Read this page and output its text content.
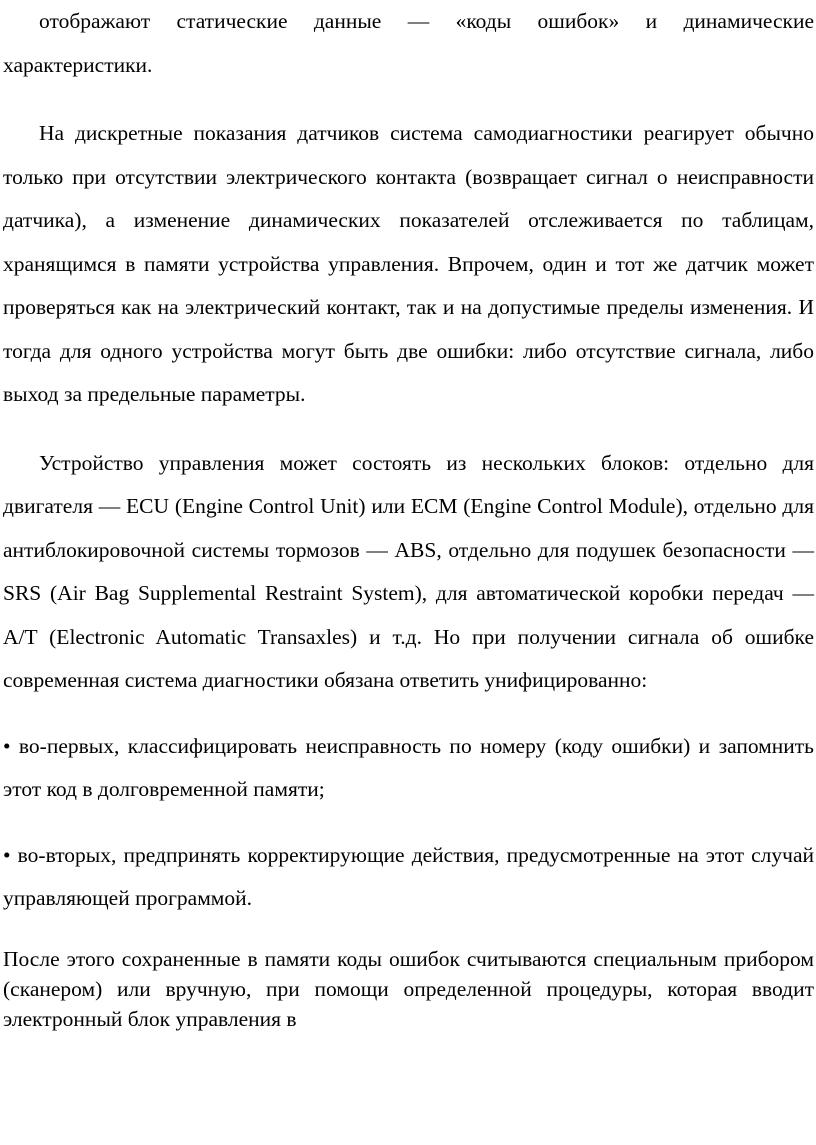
отображают статические данные — «коды ошибок» и динамические характеристики.

На дискретные показания датчиков система самодиагностики реагирует обычно только при отсутствии электрического контакта (возвращает сигнал о неисправности датчика), а изменение динамических показателей отслеживается по таблицам, хранящимся в памяти устройства управления. Впрочем, один и тот же датчик может проверяться как на электрический контакт, так и на допустимые пределы изменения. И тогда для одного устройства могут быть две ошибки: либо отсутствие сигнала, либо выход за предельные параметры.

Устройство управления может состоять из нескольких блоков: отдельно для двигателя — ECU (Engine Control Unit) или ECM (Engine Control Module), отдельно для антиблокировочной системы тормозов — ABS, отдельно для подушек безопасности — SRS (Air Bag Supplemental Restraint System), для автоматической коробки передач — A/T (Electronic Automatic Transaxles) и т.д. Но при получении сигнала об ошибке современная система диагностики обязана ответить унифицированно:

• во-первых, классифицировать неисправность по номеру (коду ошибки) и запомнить этот код в долговременной памяти;

• во-вторых, предпринять корректирующие действия, предусмотренные на этот случай управляющей программой.

После этого сохраненные в памяти коды ошибок считываются специальным прибором (сканером) или вручную, при помощи определенной процедуры, которая вводит электронный блок управления в
